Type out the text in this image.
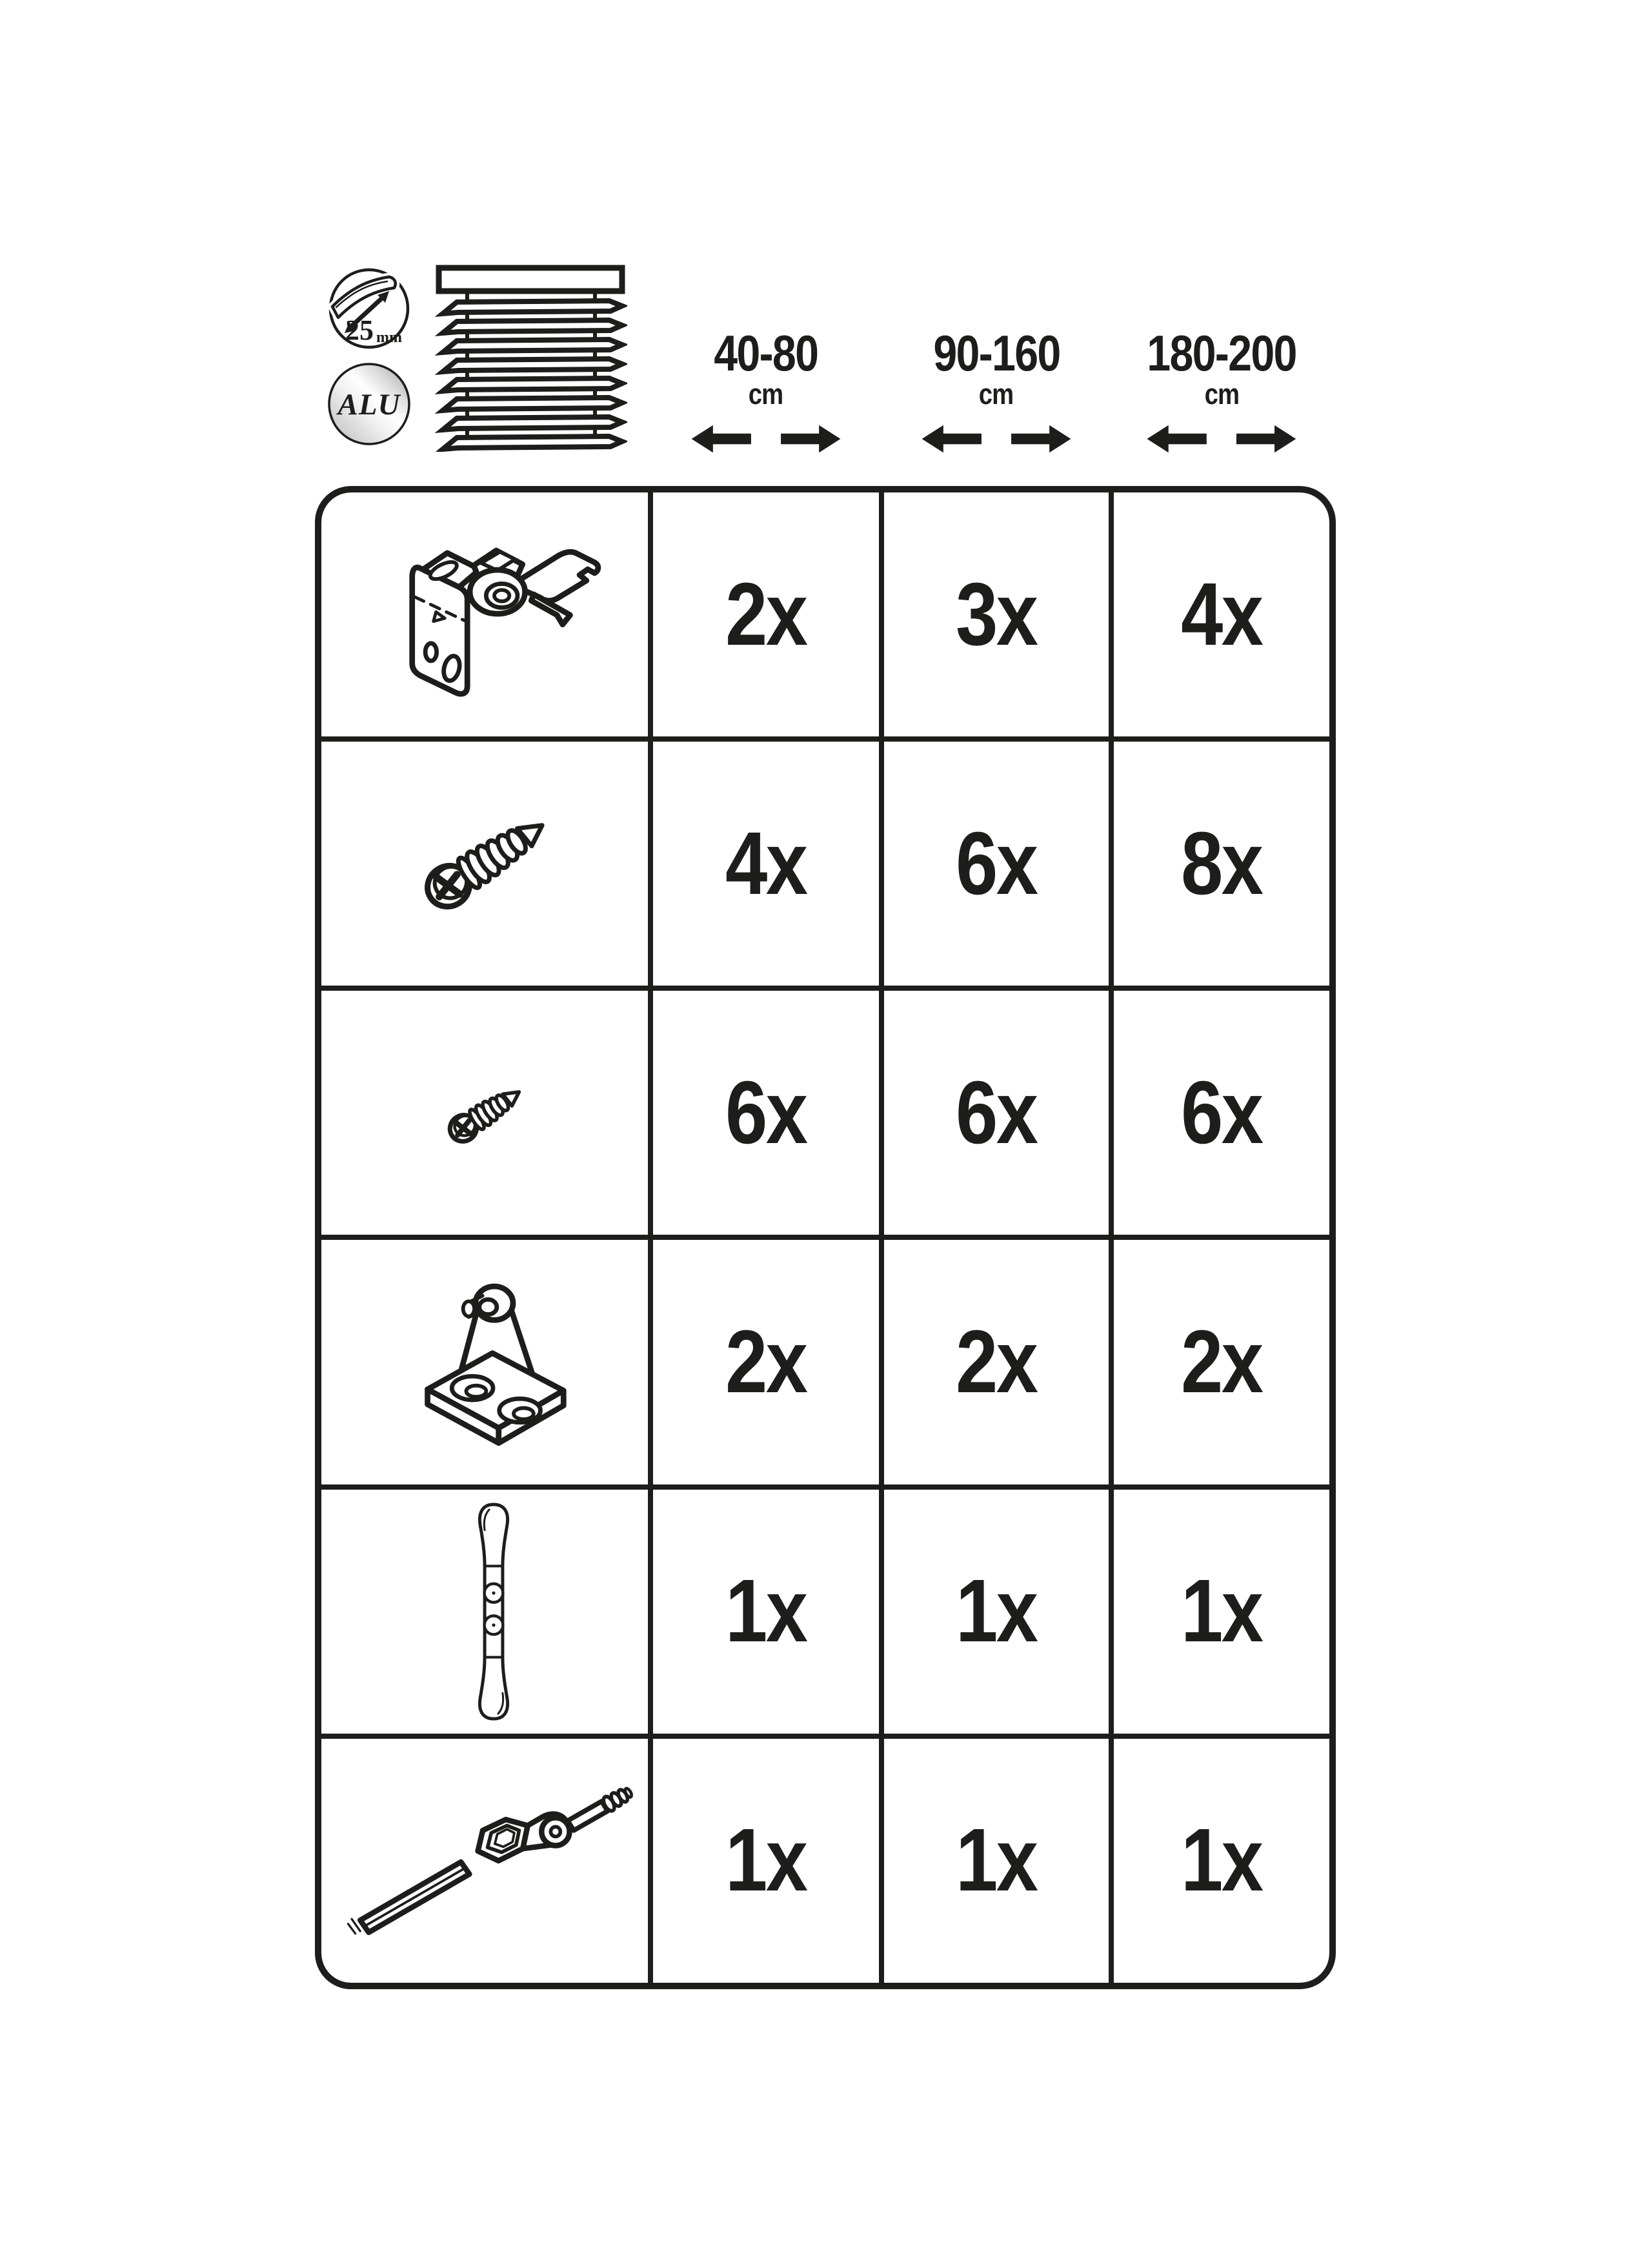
25 mm
ALU
40-80
cm
90-160
cm
180-200
cm
2x 3x 4x
4x 6x 8x
6x 6x 6x
2x 2x 2x
1x 1x 1x
1x 1x 1x
